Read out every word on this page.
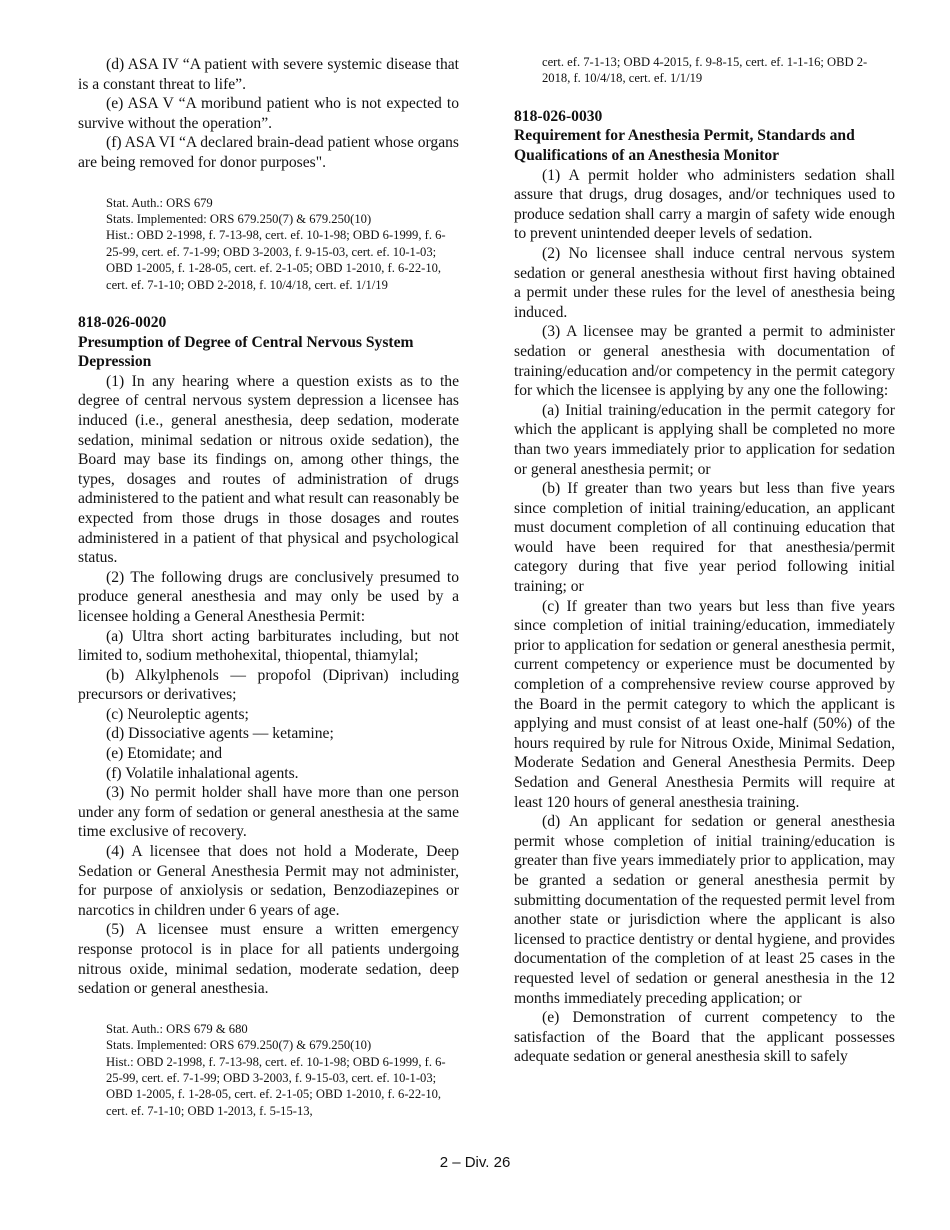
(d) ASA IV “A patient with severe systemic disease that is a constant threat to life”.

(e) ASA V “A moribund patient who is not expected to survive without the operation”.

(f) ASA VI “A declared brain-dead patient whose organs are being removed for donor purposes".

Stat. Auth.: ORS 679
Stats. Implemented: ORS 679.250(7) & 679.250(10)
Hist.: OBD 2-1998, f. 7-13-98, cert. ef. 10-1-98; OBD 6-1999, f. 6-25-99, cert. ef. 7-1-99; OBD 3-2003, f. 9-15-03, cert. ef. 10-1-03; OBD 1-2005, f. 1-28-05, cert. ef. 2-1-05; OBD 1-2010, f. 6-22-10, cert. ef. 7-1-10; OBD 2-2018, f. 10/4/18, cert. ef. 1/1/19

818-026-0020

Presumption of Degree of Central Nervous System Depression

(1) In any hearing where a question exists as to the degree of central nervous system depression a licensee has induced (i.e., general anesthesia, deep sedation, moderate sedation, minimal sedation or nitrous oxide sedation), the Board may base its findings on, among other things, the types, dosages and routes of administration of drugs administered to the patient and what result can reasonably be expected from those drugs in those dosages and routes administered in a patient of that physical and psychological status.

(2) The following drugs are conclusively presumed to produce general anesthesia and may only be used by a licensee holding a General Anesthesia Permit:

(a) Ultra short acting barbiturates including, but not limited to, sodium methohexital, thiopental, thiamylal;

(b) Alkylphenols — propofol (Diprivan) including precursors or derivatives;

(c) Neuroleptic agents;

(d) Dissociative agents — ketamine;

(e) Etomidate; and

(f) Volatile inhalational agents.

(3) No permit holder shall have more than one person under any form of sedation or general anesthesia at the same time exclusive of recovery.

(4) A licensee that does not hold a Moderate, Deep Sedation or General Anesthesia Permit may not administer, for purpose of anxiolysis or sedation, Benzodiazepines or narcotics in children under 6 years of age.

(5) A licensee must ensure a written emergency response protocol is in place for all patients undergoing nitrous oxide, minimal sedation, moderate sedation, deep sedation or general anesthesia.

Stat. Auth.: ORS 679 & 680
Stats. Implemented: ORS 679.250(7) & 679.250(10)
Hist.: OBD 2-1998, f. 7-13-98, cert. ef. 10-1-98; OBD 6-1999, f. 6-25-99, cert. ef. 7-1-99; OBD 3-2003, f. 9-15-03, cert. ef. 10-1-03; OBD 1-2005, f. 1-28-05, cert. ef. 2-1-05; OBD 1-2010, f. 6-22-10, cert. ef. 7-1-10; OBD 1-2013, f. 5-15-13,
cert. ef. 7-1-13; OBD 4-2015, f. 9-8-15, cert. ef. 1-1-16; OBD 2-2018, f. 10/4/18, cert. ef. 1/1/19

818-026-0030

Requirement for Anesthesia Permit, Standards and Qualifications of an Anesthesia Monitor

(1) A permit holder who administers sedation shall assure that drugs, drug dosages, and/or techniques used to produce sedation shall carry a margin of safety wide enough to prevent unintended deeper levels of sedation.

(2) No licensee shall induce central nervous system sedation or general anesthesia without first having obtained a permit under these rules for the level of anesthesia being induced.

(3) A licensee may be granted a permit to administer sedation or general anesthesia with documentation of training/education and/or competency in the permit category for which the licensee is applying by any one the following:

(a) Initial training/education in the permit category for which the applicant is applying shall be completed no more than two years immediately prior to application for sedation or general anesthesia permit; or

(b) If greater than two years but less than five years since completion of initial training/education, an applicant must document completion of all continuing education that would have been required for that anesthesia/permit category during that five year period following initial training; or

(c) If greater than two years but less than five years since completion of initial training/education, immediately prior to application for sedation or general anesthesia permit, current competency or experience must be documented by completion of a comprehensive review course approved by the Board in the permit category to which the applicant is applying and must consist of at least one-half (50%) of the hours required by rule for Nitrous Oxide, Minimal Sedation, Moderate Sedation and General Anesthesia Permits. Deep Sedation and General Anesthesia Permits will require at least 120 hours of general anesthesia training.

(d) An applicant for sedation or general anesthesia permit whose completion of initial training/education is greater than five years immediately prior to application, may be granted a sedation or general anesthesia permit by submitting documentation of the requested permit level from another state or jurisdiction where the applicant is also licensed to practice dentistry or dental hygiene, and provides documentation of the completion of at least 25 cases in the requested level of sedation or general anesthesia in the 12 months immediately preceding application; or

(e) Demonstration of current competency to the satisfaction of the Board that the applicant possesses adequate sedation or general anesthesia skill to safely

2 – Div. 26
